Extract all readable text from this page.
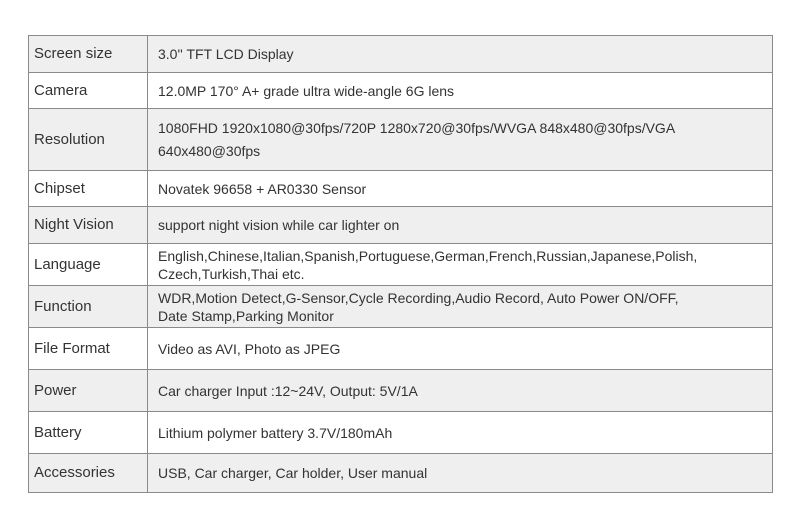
Screen size	3.0'' TFT LCD Display

Camera	12.0MP 170° A+ grade ultra wide-angle 6G lens

Resolution	1080FHD 1920x1080@30fps/720P 1280x720@30fps/WVGA 848x480@30fps/VGA
640x480@30fps

Chipset	Novatek 96658 + AR0330 Sensor

Night Vision	support night vision while car lighter on

Language	English,Chinese,Italian,Spanish,Portuguese,German,French,Russian,Japanese,Polish,
Czech,Turkish,Thai etc.

Function	WDR,Motion Detect,G-Sensor,Cycle Recording,Audio Record, Auto Power ON/OFF,
Date Stamp,Parking Monitor

File Format	Video as AVI, Photo as JPEG

Power	Car charger Input :12~24V, Output: 5V/1A

Battery	Lithium polymer battery 3.7V/180mAh

Accessories	USB, Car charger, Car holder, User manual
